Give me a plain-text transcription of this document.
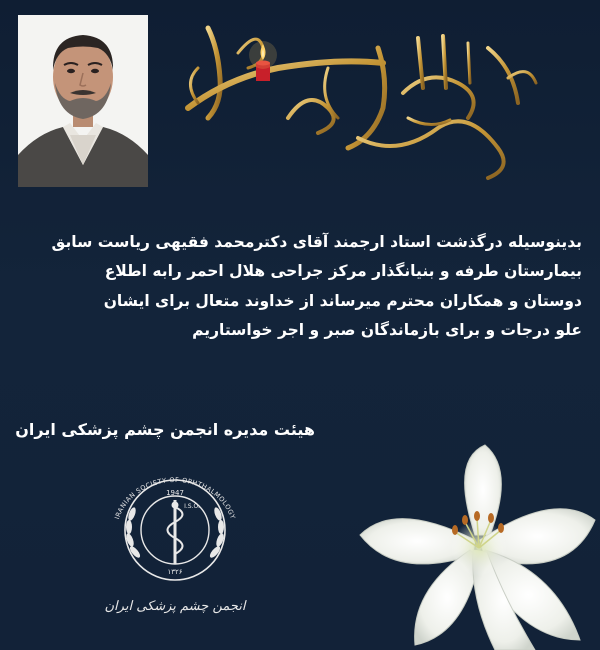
بدینوسیله درگذشت استاد ارجمند آقای دکترمحمد فقیهی ریاست سابق

بیمارستان طرفه و بنیانگذار مرکز جراحی هلال احمر رابه اطلاع

دوستان و همکاران محترم میرساند از خداوند متعال برای ایشان

علو درجات و برای بازماندگان صبر و اجر خواستاریم

هیئت مدیره انجمن چشم پزشکی ایران
1947
I.S.O.
۱۳۲۶
IRANIAN SOCIETY OF OPHTHALMOLOGY
انجمن چشم پزشکی ایران
